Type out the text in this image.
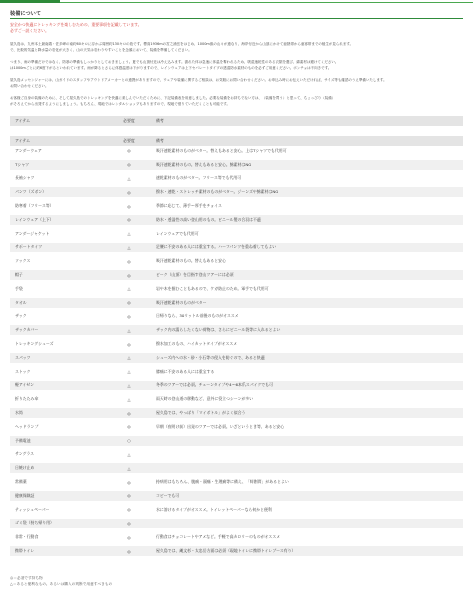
装備について
安全かつ快適にトレッキングを楽しむための、重要事項を記載しています。
必ずご一読ください。
屋久島は、九州本土最南端・佐多岬の南約60キロに浮かぶ周囲約130キロの島です。標高1936mの宮之浦岳をはじめ、1000m級の山々が連なり、海岸付近から山頂にかけて亜熱帯から亜寒帯までの植生が見られます。
で、比較的気温と降水量の変化が大きく、山の天気は変わりやすいことを念頭において、装備を準備してください。
つまり、雨の準備だけではなく、防寒の準備もしっかりとしておきましょう。夏でも山頂付近は冷え込みます。濡れた体は急速に体温を奪われるため、吸湿速乾性のある衣類を選び、綿素材は避けてください。
は1000mごとに約6度下がるといわれています。雨が降るとさらに体感温度は下がりますので、レインウェアは上下セパレートタイプの透湿防水素材のものを必ずご用意ください。ポンチョは不向きです。
屋久島メッセンジャーには、山ガイドのスタッフやアウトドアメーカーとの連携がありますので、ウェアや装備に関するご相談は、お気軽にお問い合わせください。お申込み時にお伝えいただければ、サイズ等も確認のうえ準備いたします。
お問い合わせください。
お客様ご自身の装備のために、そして屋久島でのトレッキングを快適に楽しんでいただくために、下記装備表を用意しました。必要な装備をお持ちでない方は、（装備を買う）と思って、ちょっぴり（装備）
がそろえてから出発するようにしましょう。もちろん、現地ではレンタルショップもありますので、現地で借りていただくことも可能です。
アイテム	必要度	備考
アイテム	必要度	備考
アンダーウェア	◎	吸汗速乾素材のものがベター。替えもあると安心。上はTシャツでも代用可
Tシャツ	◎	吸汗速乾素材のもの。替えもあると安心。綿素材はNG
長袖シャツ	△	速乾素材のものがベター。フリース等でも代用可
パンツ（ズボン）	◎	撥水・速乾・ストレッチ素材のものがベター。ジーンズや綿素材はNG
防寒着（フリース等）	◎	季節に応じて、薄手〜厚手をチョイス
レインウェア（上下）	◎	防水・透湿性の高い登山用のもの。ビニール製の合羽は不適
アンダージャケット	△	レインウェアでも代用可
サポートタイツ	△	足腰に不安のある人には重宝する。ハーフパンツを重ね着してもよい
ソックス	◎	吸汗速乾素材のもの。替えもあると安心
帽子	◎	ピーク（山頂）を目指す登山ツアーには必須
手袋	△	岩や木を掴むこともあるので、ケガ防止のため。軍手でも代用可
タオル	◎	吸汗速乾素材のものがベター
ザック	◎	日帰りなら、30リットル前後のものがオススメ
ザックカバー	△	ザック内の濡らしたくない荷物は、さらにビニール袋等に入れるとよい
トレッキングシューズ	◎	撥水加工のもの、ハイカットタイプがオススメ
スパッツ	△	シューズ内への水・砂・小石等の侵入を防ぐので、あると快適
ストック	△	膝痛に不安のある人には重宝する
軽アイゼン	△	冬季のツアーでは必須。チェーンタイプや4〜6本爪スパイクでも可
折りたたみ傘	△	雨天時の登山道の移動など、意外に役立つシーンが多い
水筒	◎	屋久島では、やっぱり「マイボトル」がよく似合う
ヘッドランプ	◎	早朝（夜明け前）出発のツアーでは必須。いざというとき等、あると安心
予備電池	○
サングラス	△
日焼け止め	△
常備薬	◎	持病用はもちろん、腹痛・頭痛・生理痛等に備え、「絆創膏」があるとよい
健康保険証	◎	コピーでも可
ティッシュペーパー	◎	水に溶けるタイプがオススメ。トイレットペーパーなら何かと便利
ゴミ袋（持ち帰り用）	◎
非常・行動食	◎	行動食はチョコレートやアメなど。手軽で高カロリーのものがオススメ
携帯トイレ	◎	屋久島では、縄文杉・太忠岳方面は必須（現地トイレに携帯トイレブース有り）
◎＝必須です持ち物
△＝あると便利なもの。あるいは購入の判断で用意すべきもの
